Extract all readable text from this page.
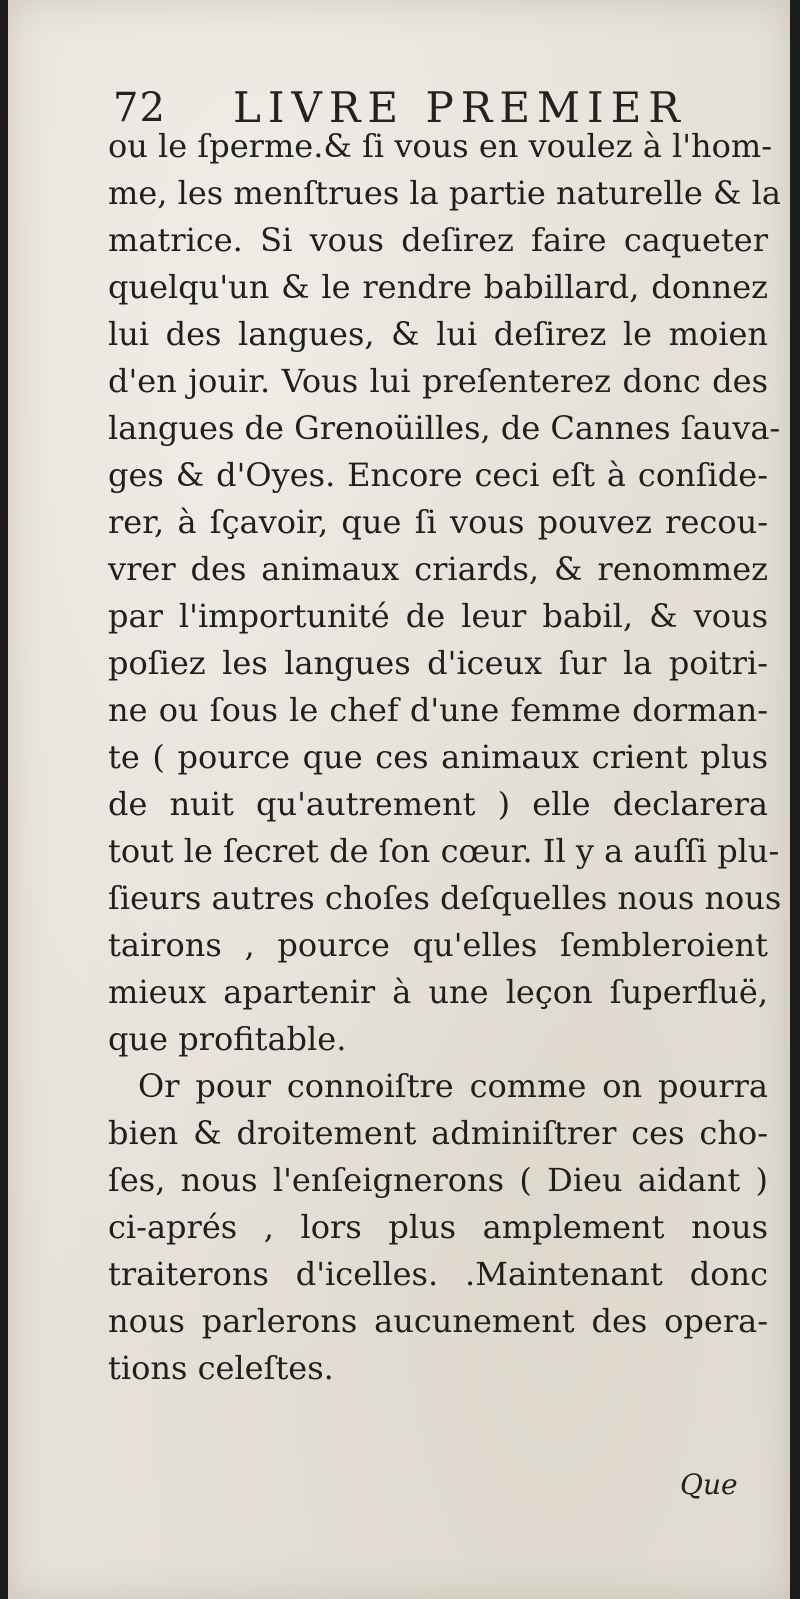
72 LIVRE PREMIER
ou le ſperme.& ſi vous en voulez à l'hom-
me, les menſtrues la partie naturelle & la
matrice. Si vous deſirez faire caqueter
quelqu'un & le rendre babillard, donnez
lui des langues, & lui deſirez le moien
d'en jouir. Vous lui preſenterez donc des
langues de Grenoüilles, de Cannes ſauva-
ges & d'Oyes. Encore ceci eſt à conſide-
rer, à ſçavoir, que ſi vous pouvez recou-
vrer des animaux criards, & renommez
par l'importunité de leur babil, & vous
poſiez les langues d'iceux ſur la poitri-
ne ou ſous le chef d'une femme dorman-
te ( pource que ces animaux crient plus
de nuit qu'autrement ) elle declarera
tout le ſecret de ſon cœur. Il y a auſſi plu-
ſieurs autres choſes deſquelles nous nous
tairons , pource qu'elles ſembleroient
mieux apartenir à une leçon ſuperfluë,
que profitable.
Or pour connoiſtre comme on pourra
bien & droitement adminiſtrer ces cho-
ſes, nous l'enſeignerons ( Dieu aidant )
ci-aprés , lors plus amplement nous
traiterons d'icelles. .Maintenant donc
nous parlerons aucunement des opera-
tions celeſtes.
Que
